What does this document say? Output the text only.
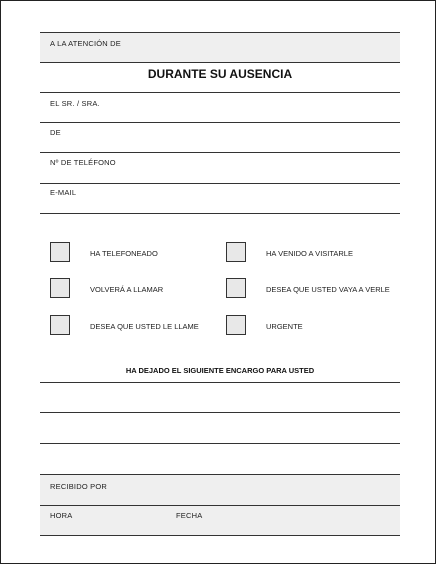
A LA ATENCIÓN DE
DURANTE SU AUSENCIA
EL SR. / SRA.
DE
Nº DE TELÉFONO
E-MAIL
HA TELEFONEADO	HA VENIDO A VISITARLE
VOLVERÁ A LLAMAR	DESEA QUE USTED VAYA A VERLE
DESEA QUE USTED LE LLAME	URGENTE
HA DEJADO EL SIGUIENTE ENCARGO PARA USTED
RECIBIDO POR
HORA	FECHA
